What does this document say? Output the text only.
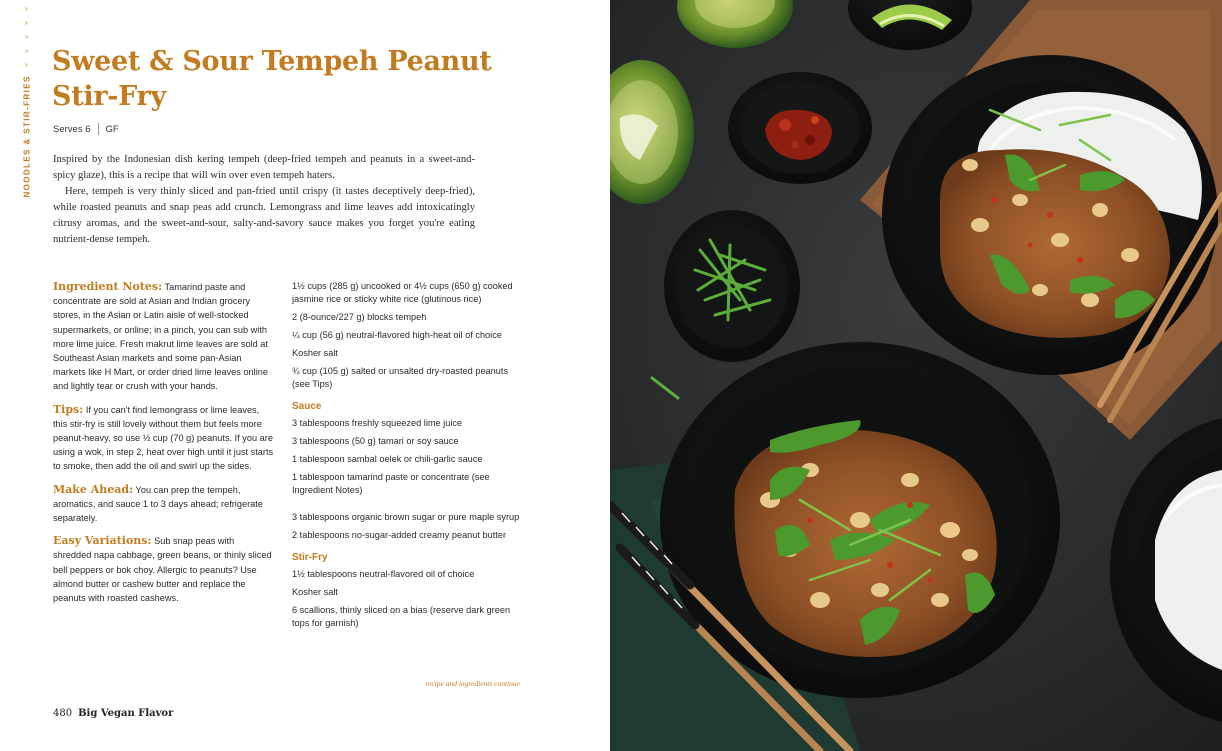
×
×
×
×
×
NOODLES & STIR-FRIES
Sweet & Sour Tempeh Peanut Stir-Fry
Serves 6 GF

Inspired by the Indonesian dish kering tempeh (deep-fried tempeh and peanuts in a sweet-and-spicy glaze), this is a recipe that will win over even tempeh haters.

Here, tempeh is very thinly sliced and pan-fried until crispy (it tastes deceptively deep-fried), while roasted peanuts and snap peas add crunch. Lemongrass and lime leaves add intoxicatingly citrusy aromas, and the sweet-and-sour, salty-and-savory sauce makes you forget you're eating nutrient-dense tempeh.

Ingredient Notes: Tamarind paste and concentrate are sold at Asian and Indian grocery stores, in the Asian or Latin aisle of well-stocked supermarkets, or online; in a pinch, you can sub with more lime juice. Fresh makrut lime leaves are sold at Southeast Asian markets and some pan-Asian markets like H Mart, or order dried lime leaves online and lightly tear or crush with your hands.

Tips: If you can't find lemongrass or lime leaves, this stir-fry is still lovely without them but feels more peanut-heavy, so use ½ cup (70 g) peanuts. If you are using a wok, in step 2, heat over high until it just starts to smoke, then add the oil and swirl up the sides.

Make Ahead: You can prep the tempeh, aromatics, and sauce 1 to 3 days ahead; refrigerate separately.

Easy Variations: Sub snap peas with shredded napa cabbage, green beans, or thinly sliced bell peppers or bok choy. Allergic to peanuts? Use almond butter or cashew butter and replace the peanuts with roasted cashews.

1½ cups (285 g) uncooked or 4½ cups (650 g) cooked jasmine rice or sticky white rice (glutinous rice)

2 (8-ounce/227 g) blocks tempeh

¼ cup (56 g) neutral-flavored high-heat oil of choice

Kosher salt

¾ cup (105 g) salted or unsalted dry-roasted peanuts (see Tips)

Sauce

3 tablespoons freshly squeezed lime juice

3 tablespoons (50 g) tamari or soy sauce

1 tablespoon sambal oelek or chili-garlic sauce

1 tablespoon tamarind paste or concentrate (see Ingredient Notes)

3 tablespoons organic brown sugar or pure maple syrup

2 tablespoons no-sugar-added creamy peanut butter

Stir-Fry

1½ tablespoons neutral-flavored oil of choice

Kosher salt

6 scallions, thinly sliced on a bias (reserve dark green tops for garnish)

recipe and ingredients continue
480 Big Vegan Flavor
